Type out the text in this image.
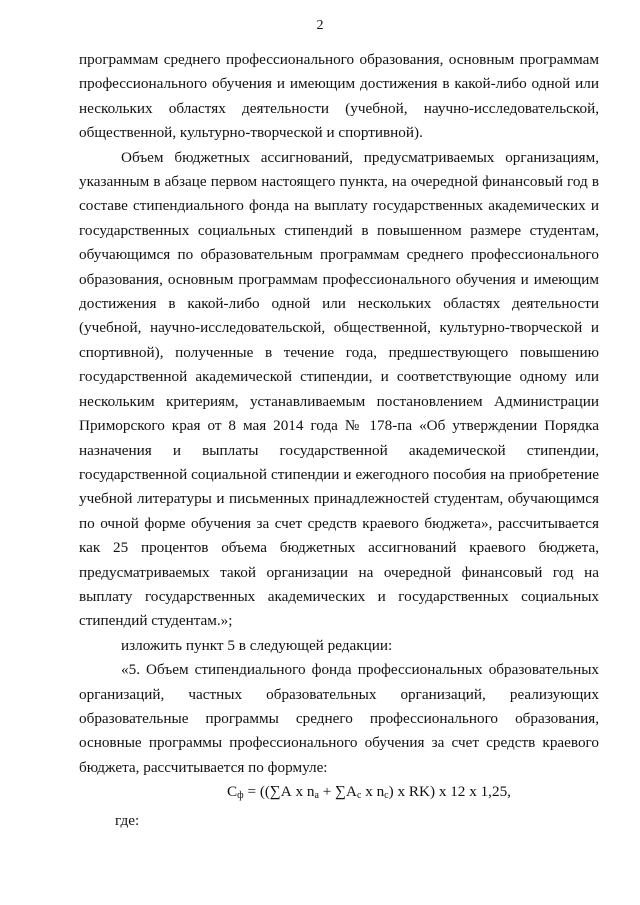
2

программам среднего профессионального образования, основным программам профессионального обучения и имеющим достижения в какой-либо одной или нескольких областях деятельности (учебной, научно-исследовательской, общественной, культурно-творческой и спортивной).

Объем бюджетных ассигнований, предусматриваемых организациям, указанным в абзаце первом настоящего пункта, на очередной финансовый год в составе стипендиального фонда на выплату государственных академических и государственных социальных стипендий в повышенном размере студентам, обучающимся по образовательным программам среднего профессионального образования, основным программам профессионального обучения и имеющим достижения в какой-либо одной или нескольких областях деятельности (учебной, научно-исследовательской, общественной, культурно-творческой и спортивной), полученные в течение года, предшествующего повышению государственной академической стипендии, и соответствующие одному или нескольким критериям, устанавливаемым постановлением Администрации Приморского края от 8 мая 2014 года № 178-па «Об утверждении Порядка назначения и выплаты государственной академической стипендии, государственной социальной стипендии и ежегодного пособия на приобретение учебной литературы и письменных принадлежностей студентам, обучающимся по очной форме обучения за счет средств краевого бюджета», рассчитывается как 25 процентов объема бюджетных ассигнований краевого бюджета, предусматриваемых такой организации на очередной финансовый год на выплату государственных академических и государственных социальных стипендий студентам.»;

изложить пункт 5 в следующей редакции:

«5. Объем стипендиального фонда профессиональных образовательных организаций, частных образовательных организаций, реализующих образовательные программы среднего профессионального образования, основные программы профессионального обучения за счет средств краевого бюджета, рассчитывается по формуле:

$С_ф = ((\sum А$ х $n_а + \sum А_с$ х $n_с$) х RK) х 12 х 1,25,

где:
